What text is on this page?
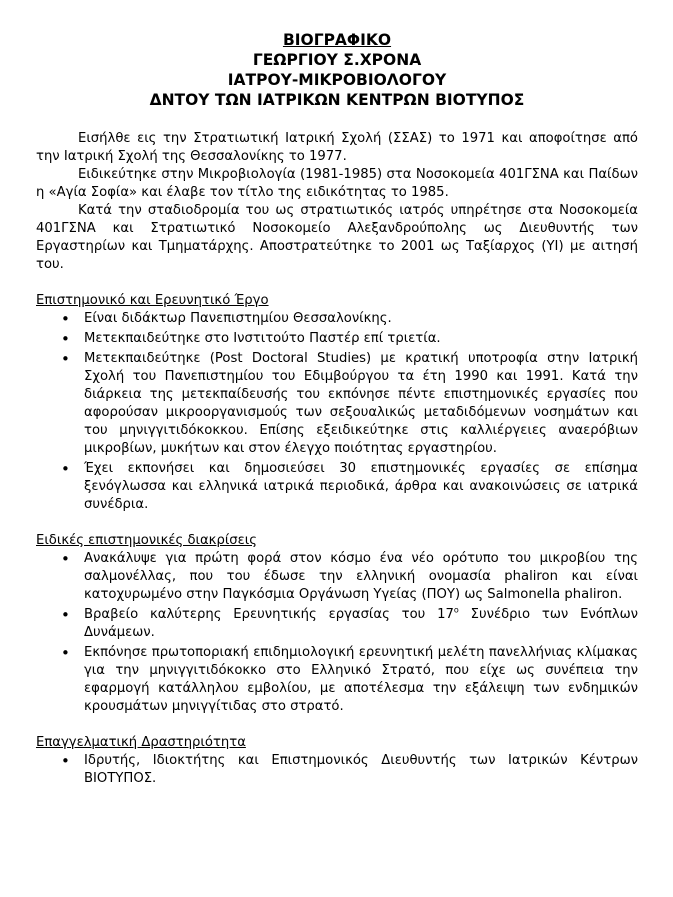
ΒΙΟΓΡΑΦΙΚΟ
ΓΕΩΡΓΙΟΥ Σ.ΧΡΟΝΑ
ΙΑΤΡΟΥ-ΜΙΚΡΟΒΙΟΛΟΓΟΥ
ΔΝΤΟΥ ΤΩΝ ΙΑΤΡΙΚΩΝ ΚΕΝΤΡΩΝ ΒΙΟΤΥΠΟΣ

Εισήλθε εις την Στρατιωτική Ιατρική Σχολή (ΣΣΑΣ) το 1971 και αποφοίτησε από την Ιατρική Σχολή της Θεσσαλονίκης το 1977.

Ειδικεύτηκε στην Μικροβιολογία (1981-1985) στα Νοσοκομεία 401ΓΣΝΑ και Παίδων η «Αγία Σοφία» και έλαβε τον τίτλο της ειδικότητας το 1985.

Κατά την σταδιοδρομία του ως στρατιωτικός ιατρός υπηρέτησε στα Νοσοκομεία 401ΓΣΝΑ και Στρατιωτικό Νοσοκομείο Αλεξανδρούπολης ως Διευθυντής των Εργαστηρίων και Τμηματάρχης. Αποστρατεύτηκε το 2001 ως Ταξίαρχος (ΥΙ) με αιτησή του.

Επιστημονικό και Ερευνητικό Έργο

• Είναι διδάκτωρ Πανεπιστημίου Θεσσαλονίκης.
• Μετεκπαιδεύτηκε στο Ινστιτούτο Παστέρ επί τριετία.
• Μετεκπαιδεύτηκε (Post Doctoral Studies) με κρατική υποτροφία στην Ιατρική Σχολή του Πανεπιστημίου του Εδιμβούργου τα έτη 1990 και 1991. Κατά την διάρκεια της μετεκπαίδευσής του εκπόνησε πέντε επιστημονικές εργασίες που αφορούσαν μικροοργανισμούς των σεξουαλικώς μεταδιδόμενων νοσημάτων και του μηνιγγιτιδόκοκκου. Επίσης εξειδικεύτηκε στις καλλιέργειες αναερόβιων μικροβίων, μυκήτων και στον έλεγχο ποιότητας εργαστηρίου.
• Έχει εκπονήσει και δημοσιεύσει 30 επιστημονικές εργασίες σε επίσημα ξενόγλωσσα και ελληνικά ιατρικά περιοδικά, άρθρα και ανακοινώσεις σε ιατρικά συνέδρια.

Ειδικές επιστημονικές διακρίσεις

• Ανακάλυψε για πρώτη φορά στον κόσμο ένα νέο ορότυπο του μικροβίου της σαλμονέλλας, που του έδωσε την ελληνική ονομασία phaliron και είναι κατοχυρωμένο στην Παγκόσμια Οργάνωση Υγείας (ΠΟΥ) ως Salmonella phaliron.
• Βραβείο καλύτερης Ερευνητικής εργασίας του $17^o$ Συνέδριο των Ενόπλων Δυνάμεων.
• Εκπόνησε πρωτοποριακή επιδημιολογική ερευνητική μελέτη πανελλήνιας κλίμακας για την μηνιγγιτιδόκοκκο στο Ελληνικό Στρατό, που είχε ως συνέπεια την εφαρμογή κατάλληλου εμβολίου, με αποτέλεσμα την εξάλειψη των ενδημικών κρουσμάτων μηνιγγίτιδας στο στρατό.

Επαγγελματική Δραστηριότητα

• Ιδρυτής, Ιδιοκτήτης και Επιστημονικός Διευθυντής των Ιατρικών Κέντρων ΒΙΟΤΥΠΟΣ.
